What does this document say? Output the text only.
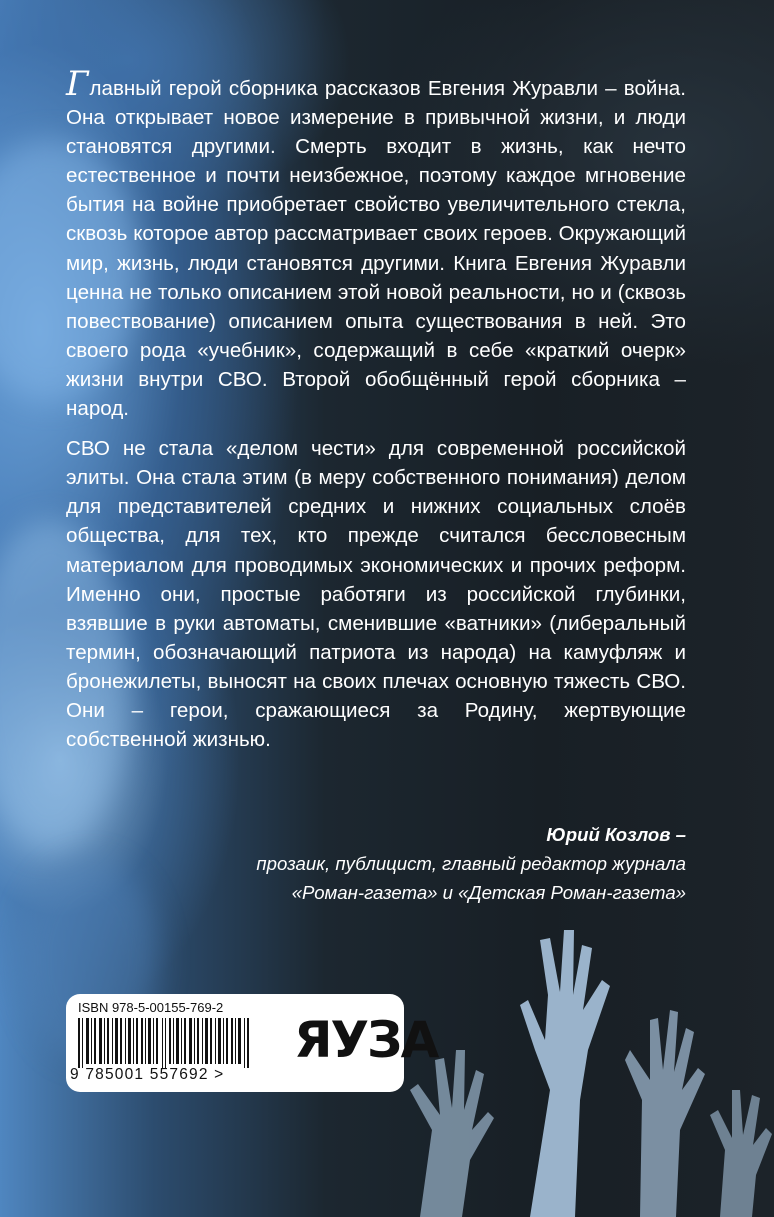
Главный герой сборника рассказов Евгения Журавли – война. Она открывает новое измерение в привычной жизни, и люди становятся другими. Смерть входит в жизнь, как нечто естественное и почти неизбежное, поэтому каждое мгновение бытия на войне приобретает свойство увеличительного стекла, сквозь которое автор рассматривает своих героев. Окружающий мир, жизнь, люди становятся другими. Книга Евгения Журавли ценна не только описанием этой новой реальности, но и (сквозь повествование) описанием опыта существования в ней. Это своего рода «учебник», содержащий в себе «краткий очерк» жизни внутри СВО. Второй обобщённый герой сборника – народ.

СВО не стала «делом чести» для современной российской элиты. Она стала этим (в меру собственного понимания) делом для представителей средних и нижних социальных слоёв общества, для тех, кто прежде считался бессловесным материалом для проводимых экономических и прочих реформ. Именно они, простые работяги из российской глубинки, взявшие в руки автоматы, сменившие «ватники» (либеральный термин, обозначающий патриота из народа) на камуфляж и бронежилеты, выносят на своих плечах основную тяжесть СВО. Они – герои, сражающиеся за Родину, жертвующие собственной жизнью.

Юрий Козлов –
прозаик, публицист, главный редактор журнала
«Роман-газета» и «Детская Роман-газета»
ISBN 978-5-00155-769-2
9 785001 557692 >
ЯУЗА
